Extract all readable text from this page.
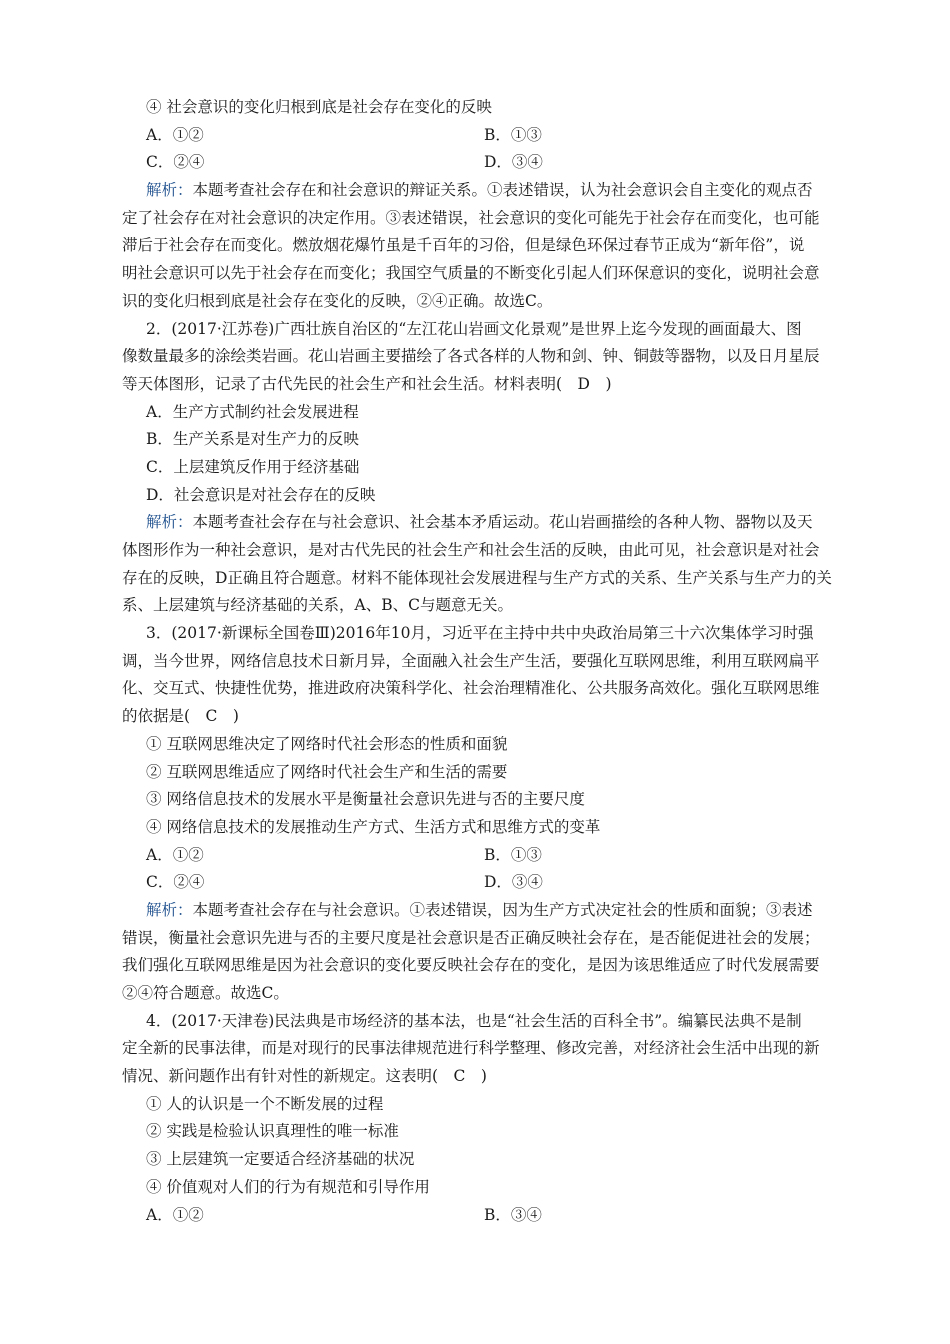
④ 社会意识的变化归根到底是社会存在变化的反映
A．①②	B．①③
C．②④	D．③④
解析：本题考查社会存在和社会意识的辩证关系。①表述错误，认为社会意识会自主变化的观点否
定了社会存在对社会意识的决定作用。③表述错误，社会意识的变化可能先于社会存在而变化，也可能
滞后于社会存在而变化。燃放烟花爆竹虽是千百年的习俗，但是绿色环保过春节正成为“新年俗”，说
明社会意识可以先于社会存在而变化；我国空气质量的不断变化引起人们环保意识的变化，说明社会意
识的变化归根到底是社会存在变化的反映，②④正确。故选C。
2．(2017·江苏卷)广西壮族自治区的“左江花山岩画文化景观”是世界上迄今发现的画面最大、图
像数量最多的涂绘类岩画。花山岩画主要描绘了各式各样的人物和剑、钟、铜鼓等器物，以及日月星辰
等天体图形，记录了古代先民的社会生产和社会生活。材料表明(　D　)
A．生产方式制约社会发展进程
B．生产关系是对生产力的反映
C．上层建筑反作用于经济基础
D．社会意识是对社会存在的反映
解析：本题考查社会存在与社会意识、社会基本矛盾运动。花山岩画描绘的各种人物、器物以及天
体图形作为一种社会意识，是对古代先民的社会生产和社会生活的反映，由此可见，社会意识是对社会
存在的反映，D正确且符合题意。材料不能体现社会发展进程与生产方式的关系、生产关系与生产力的关
系、上层建筑与经济基础的关系，A、B、C与题意无关。
3．(2017·新课标全国卷Ⅲ)2016年10月，习近平在主持中共中央政治局第三十六次集体学习时强
调，当今世界，网络信息技术日新月异，全面融入社会生产生活，要强化互联网思维，利用互联网扁平
化、交互式、快捷性优势，推进政府决策科学化、社会治理精准化、公共服务高效化。强化互联网思维
的依据是(　C　)
① 互联网思维决定了网络时代社会形态的性质和面貌
② 互联网思维适应了网络时代社会生产和生活的需要
③ 网络信息技术的发展水平是衡量社会意识先进与否的主要尺度
④ 网络信息技术的发展推动生产方式、生活方式和思维方式的变革
A．①②	B．①③
C．②④	D．③④
解析：本题考查社会存在与社会意识。①表述错误，因为生产方式决定社会的性质和面貌；③表述
错误，衡量社会意识先进与否的主要尺度是社会意识是否正确反映社会存在，是否能促进社会的发展；
我们强化互联网思维是因为社会意识的变化要反映社会存在的变化，是因为该思维适应了时代发展需要
②④符合题意。故选C。
4．(2017·天津卷)民法典是市场经济的基本法，也是“社会生活的百科全书”。编纂民法典不是制
定全新的民事法律，而是对现行的民事法律规范进行科学整理、修改完善，对经济社会生活中出现的新
情况、新问题作出有针对性的新规定。这表明(　C　)
① 人的认识是一个不断发展的过程
② 实践是检验认识真理性的唯一标准
③ 上层建筑一定要适合经济基础的状况
④ 价值观对人们的行为有规范和引导作用
A．①②	B．③④
